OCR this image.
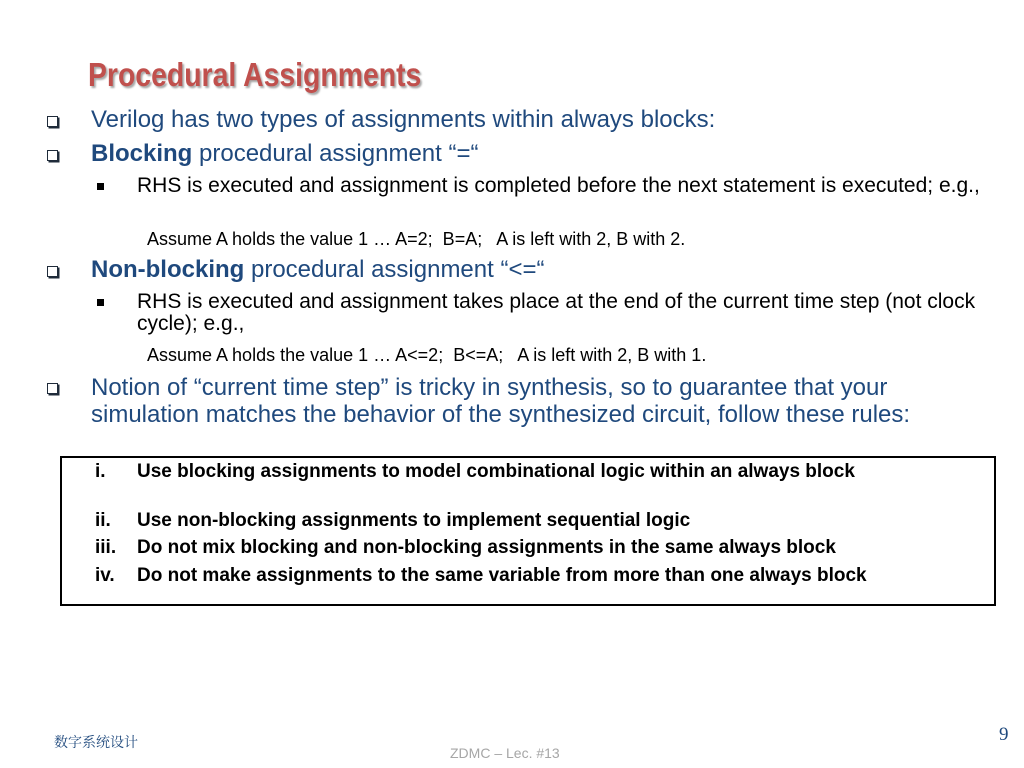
Procedural Assignments
Verilog has two types of assignments within always blocks:
Blocking procedural assignment “=“
RHS is executed and assignment is completed before the next statement is executed; e.g.,
Assume A holds the value 1 … A=2;  B=A;   A is left with 2, B with 2.
Non-blocking procedural assignment “<=“
RHS is executed and assignment takes place at the end of the current time step (not clock cycle); e.g.,
Assume A holds the value 1 … A<=2;  B<=A;   A is left with 2, B with 1.
Notion of “current time step” is tricky in synthesis, so to guarantee that your simulation matches the behavior of the synthesized circuit, follow these rules:
i. Use blocking assignments to model combinational logic within an always block
ii. Use non-blocking assignments to implement sequential logic
iii. Do not mix blocking and non-blocking assignments in the same always block
iv. Do not make assignments to the same variable from more than one always block
数字系统设计
ZDMC – Lec. #13
9
